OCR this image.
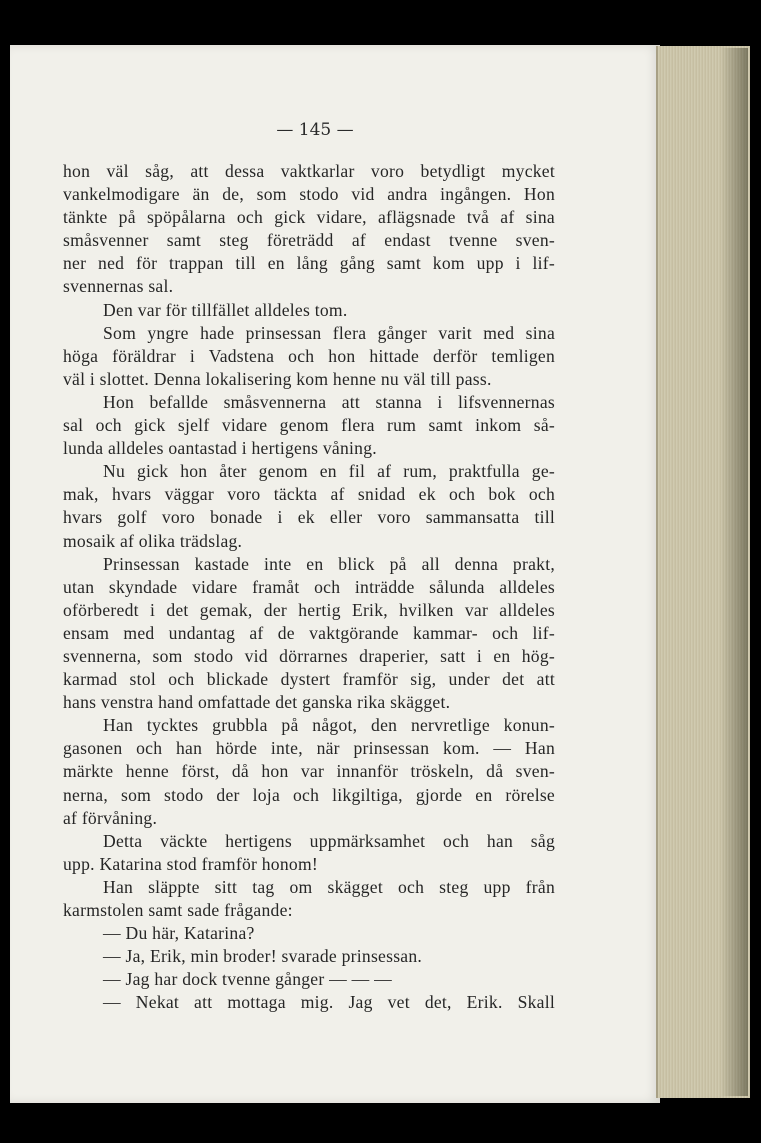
— 145 —
hon väl såg, att dessa vaktkarlar voro betydligt mycket
vankelmodigare än de, som stodo vid andra ingången. Hon
tänkte på spöpålarna och gick vidare, aflägsnade två af sina
småsvenner samt steg företrädd af endast tvenne sven-
ner ned för trappan till en lång gång samt kom upp i lif-
svennernas sal.
Den var för tillfället alldeles tom.
Som yngre hade prinsessan flera gånger varit med sina
höga föräldrar i Vadstena och hon hittade derför temligen
väl i slottet. Denna lokalisering kom henne nu väl till pass.
Hon befallde småsvennerna att stanna i lifsvennernas
sal och gick sjelf vidare genom flera rum samt inkom så-
lunda alldeles oantastad i hertigens våning.
Nu gick hon åter genom en fil af rum, praktfulla ge-
mak, hvars väggar voro täckta af snidad ek och bok och
hvars golf voro bonade i ek eller voro sammansatta till
mosaik af olika trädslag.
Prinsessan kastade inte en blick på all denna prakt,
utan skyndade vidare framåt och inträdde sålunda alldeles
oförberedt i det gemak, der hertig Erik, hvilken var alldeles
ensam med undantag af de vaktgörande kammar- och lif-
svennerna, som stodo vid dörrarnes draperier, satt i en hög-
karmad stol och blickade dystert framför sig, under det att
hans venstra hand omfattade det ganska rika skägget.
Han tycktes grubbla på något, den nervretlige konun-
gasonen och han hörde inte, när prinsessan kom. — Han
märkte henne först, då hon var innanför tröskeln, då sven-
nerna, som stodo der loja och likgiltiga, gjorde en rörelse
af förvåning.
Detta väckte hertigens uppmärksamhet och han såg
upp. Katarina stod framför honom!
Han släppte sitt tag om skägget och steg upp från
karmstolen samt sade frågande:
— Du här, Katarina?
— Ja, Erik, min broder! svarade prinsessan.
— Jag har dock tvenne gånger — — —
— Nekat att mottaga mig. Jag vet det, Erik. Skall
